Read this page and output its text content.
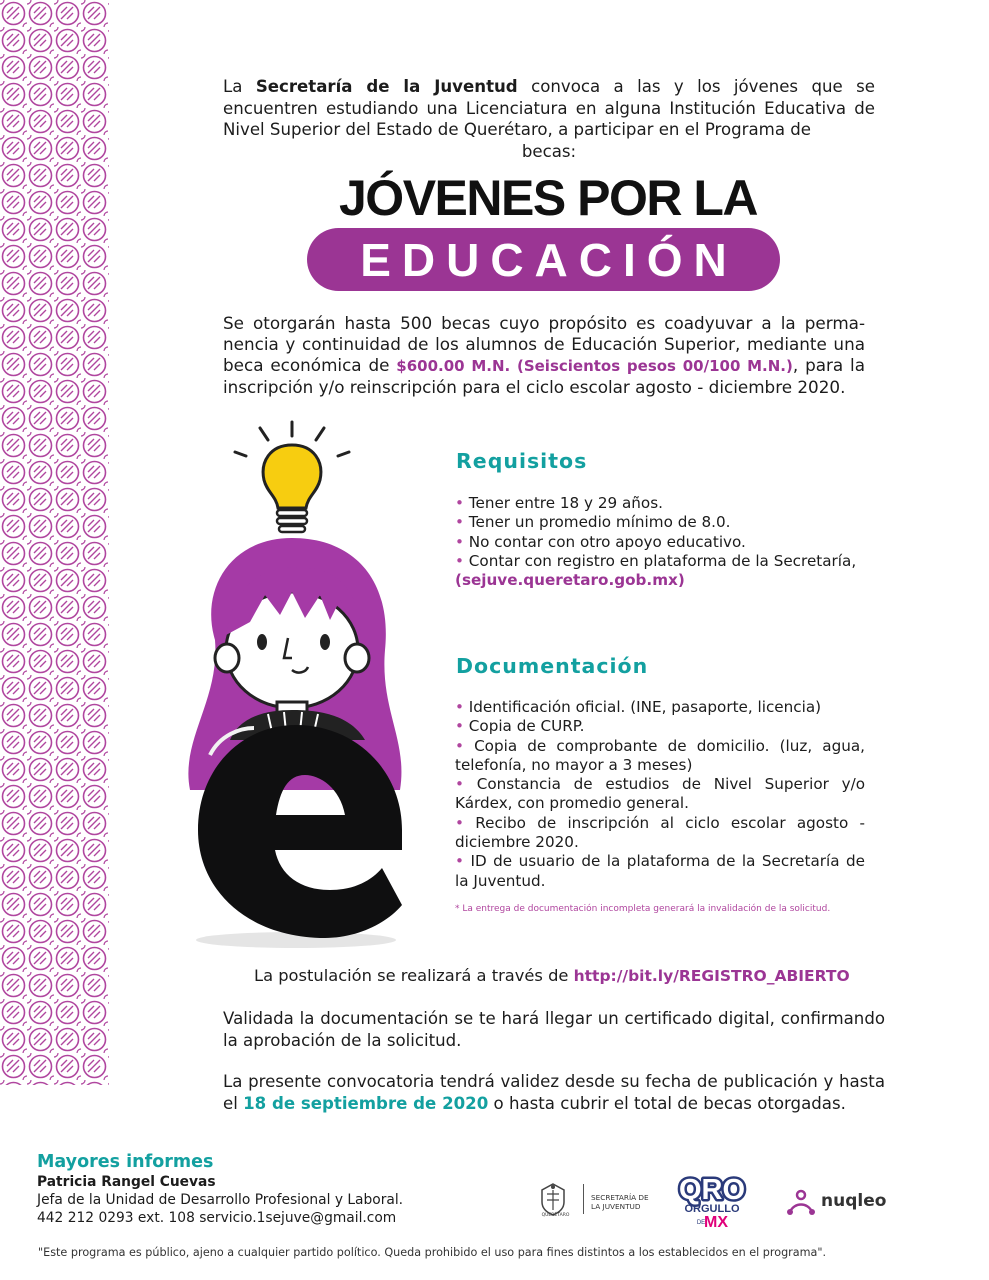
La Secretaría de la Juventud convoca a las y los jóvenes que se encuentren estudiando una Licenciatura en alguna Institución Educativa de Nivel Superior del Estado de Querétaro, a participar en el Programa de
becas:
JÓVENES POR LA
EDUCACIÓN
Se otorgarán hasta 500 becas cuyo propósito es coadyuvar a la perma-nencia y continuidad de los alumnos de Educación Superior, mediante una beca económica de $600.00 M.N. (Seiscientos pesos 00/100 M.N.), para la inscripción y/o reinscripción para el ciclo escolar agosto - diciembre 2020.
Requisitos
• Tener entre 18 y 29 años.
• Tener un promedio mínimo de 8.0.
• No contar con otro apoyo educativo.
• Contar con registro en plataforma de la Secretaría,
(sejuve.queretaro.gob.mx)
Documentación
• Identificación oficial. (INE, pasaporte, licencia)
• Copia de CURP.
• Copia de comprobante de domicilio. (luz, agua, telefonía, no mayor a 3 meses)
• Constancia de estudios de Nivel Superior y/o Kárdex, con promedio general.
• Recibo de inscripción al ciclo escolar agosto -diciembre 2020.
• ID de usuario de la plataforma de la Secretaría de la Juventud.
* La entrega de documentación incompleta generará la invalidación de la solicitud.
La postulación se realizará a través de http://bit.ly/REGISTRO_ABIERTO
Validada la documentación se te hará llegar un certificado digital, confirmando la aprobación de la solicitud.
La presente convocatoria tendrá validez desde su fecha de publicación y hasta el 18 de septiembre de 2020 o hasta cubrir el total de becas otorgadas.
Mayores informes
Patricia Rangel Cuevas
Jefa de la Unidad de Desarrollo Profesional y Laboral.
442 212 0293 ext. 108 servicio.1sejuve@gmail.com	QUERÉTARO
SECRETARÍA DE
LA JUVENTUD
QRO
ORGULLO
DE
MX
nuqleo
"Este programa es público, ajeno a cualquier partido político. Queda prohibido el uso para fines distintos a los establecidos en el programa".
